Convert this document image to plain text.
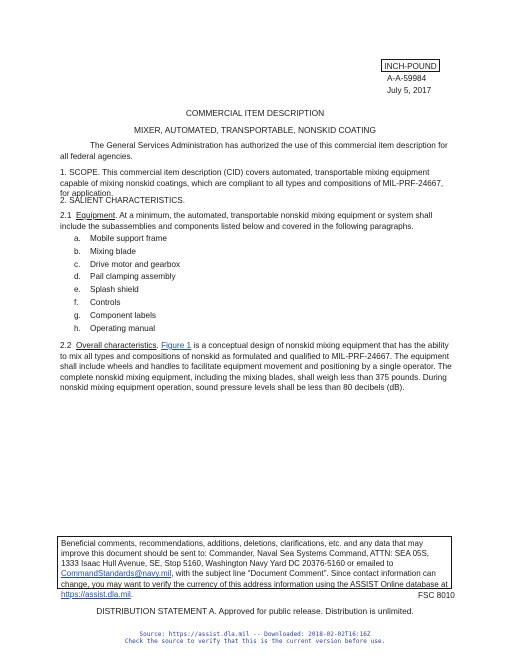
INCH-POUND
A-A-59984
July 5, 2017
COMMERCIAL ITEM DESCRIPTION
MIXER, AUTOMATED, TRANSPORTABLE, NONSKID COATING
The General Services Administration has authorized the use of this commercial item description for all federal agencies.
1. SCOPE. This commercial item description (CID) covers automated, transportable mixing equipment capable of mixing nonskid coatings, which are compliant to all types and compositions of MIL-PRF-24667, for application.
2. SALIENT CHARACTERISTICS.
2.1 Equipment. At a minimum, the automated, transportable nonskid mixing equipment or system shall include the subassemblies and components listed below and covered in the following paragraphs.
a.	Mobile support frame
b.	Mixing blade
c.	Drive motor and gearbox
d.	Pail clamping assembly
e.	Splash shield
f.	Controls
g.	Component labels
h.	Operating manual
2.2 Overall characteristics. Figure 1 is a conceptual design of nonskid mixing equipment that has the ability to mix all types and compositions of nonskid as formulated and qualified to MIL-PRF-24667. The equipment shall include wheels and handles to facilitate equipment movement and positioning by a single operator. The complete nonskid mixing equipment, including the mixing blades, shall weigh less than 375 pounds. During nonskid mixing equipment operation, sound pressure levels shall be less than 80 decibels (dB).
Beneficial comments, recommendations, additions, deletions, clarifications, etc. and any data that may improve this document should be sent to: Commander, Naval Sea Systems Command, ATTN: SEA 05S, 1333 Isaac Hull Avenue, SE, Stop 5160, Washington Navy Yard DC 20376-5160 or emailed to CommandStandards@navy.mil, with the subject line “Document Comment”. Since contact information can change, you may want to verify the currency of this address information using the ASSIST Online database at https://assist.dla.mil.	FSC 8010
DISTRIBUTION STATEMENT A. Approved for public release. Distribution is unlimited.
Source: https://assist.dla.mil -- Downloaded: 2018-02-02T16:16Z
Check the source to verify that this is the current version before use.
